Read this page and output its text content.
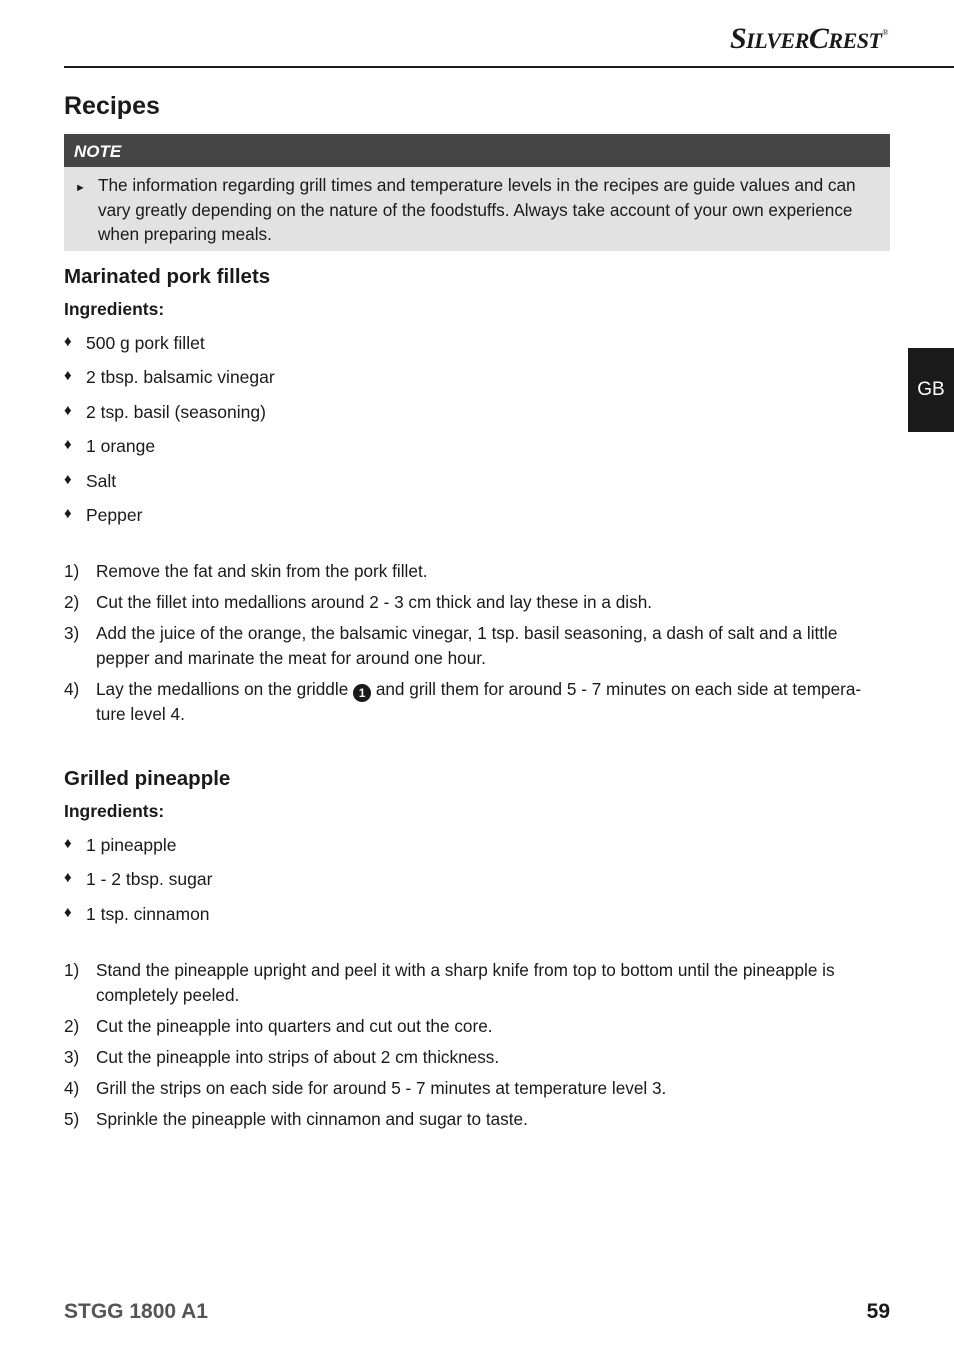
SILVERCREST®
GB
Recipes
NOTE
► The information regarding grill times and temperature levels in the recipes are guide values and can vary greatly depending on the nature of the foodstuffs. Always take account of your own experience when preparing meals.
Marinated pork fillets
Ingredients:
♦ 500 g pork fillet
♦ 2 tbsp. balsamic vinegar
♦ 2 tsp. basil (seasoning)
♦ 1 orange
♦ Salt
♦ Pepper
1) Remove the fat and skin from the pork fillet.
2) Cut the fillet into medallions around 2 - 3 cm thick and lay these in a dish.
3) Add the juice of the orange, the balsamic vinegar, 1 tsp. basil seasoning, a dash of salt and a little pepper and marinate the meat for around one hour.
4) Lay the medallions on the griddle 1 and grill them for around 5 - 7 minutes on each side at tempera-ture level 4.
Grilled pineapple
Ingredients:
♦ 1 pineapple
♦ 1 - 2 tbsp. sugar
♦ 1 tsp. cinnamon
1) Stand the pineapple upright and peel it with a sharp knife from top to bottom until the pineapple is completely peeled.
2) Cut the pineapple into quarters and cut out the core.
3) Cut the pineapple into strips of about 2 cm thickness.
4) Grill the strips on each side for around 5 - 7 minutes at temperature level 3.
5) Sprinkle the pineapple with cinnamon and sugar to taste.
STGG 1800 A1	59
